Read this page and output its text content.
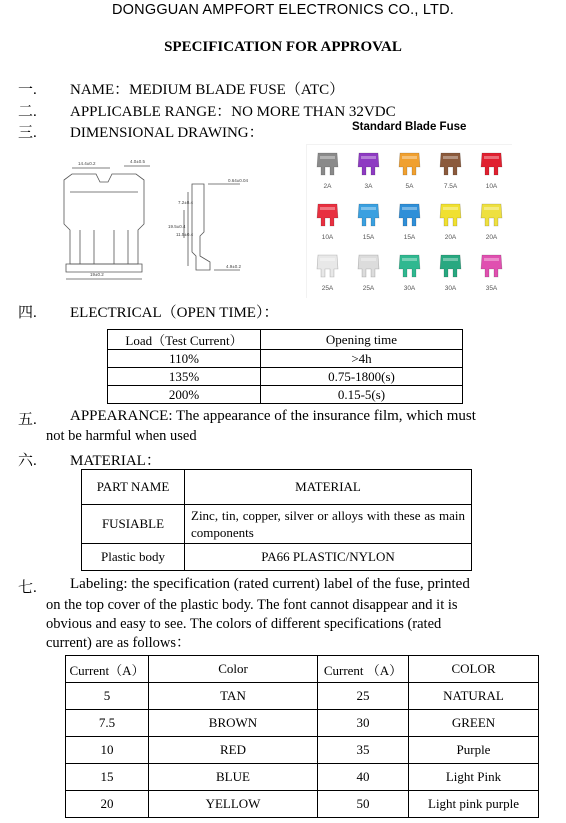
DONGGUAN AMPFORT ELECTRONICS CO., LTD.
SPECIFICATION FOR APPROVAL
一. NAME：MEDIUM BLADE FUSE（ATC）
二. APPLICABLE RANGE：NO MORE THAN 32VDC
三. DIMENSIONAL DRAWING：
14.4±0.2	4.0±0.5
19±0.2
0.64±0.04
7.2±0.4
19.5±0.4
11.5±0.4
4.9±0.2
Standard Blade Fuse
2A	3A	5A	7.5A	10A
10A	15A	15A	20A	20A
25A	25A	30A	30A	35A
四. ELECTRICAL（OPEN TIME）：
Load（Test Current）	Opening time
110%	>4h
135%	0.75-1800(s)
200%	0.15-5(s)
五. APPEARANCE: The appearance of the insurance film, which must
not be harmful when used
六. MATERIAL：
PART NAME	MATERIAL
FUSIABLE	Zinc, tin, copper, silver or alloys with these as main components
Plastic body	PA66 PLASTIC/NYLON
七. Labeling: the specification (rated current) label of the fuse, printed
on the top cover of the plastic body. The font cannot disappear and it is
obvious and easy to see. The colors of different specifications (rated
current) are as follows：
Current（A）	Color	Current （A）	COLOR
5	TAN	25	NATURAL
7.5	BROWN	30	GREEN
10	RED	35	Purple
15	BLUE	40	Light Pink
20	YELLOW	50	Light pink purple
